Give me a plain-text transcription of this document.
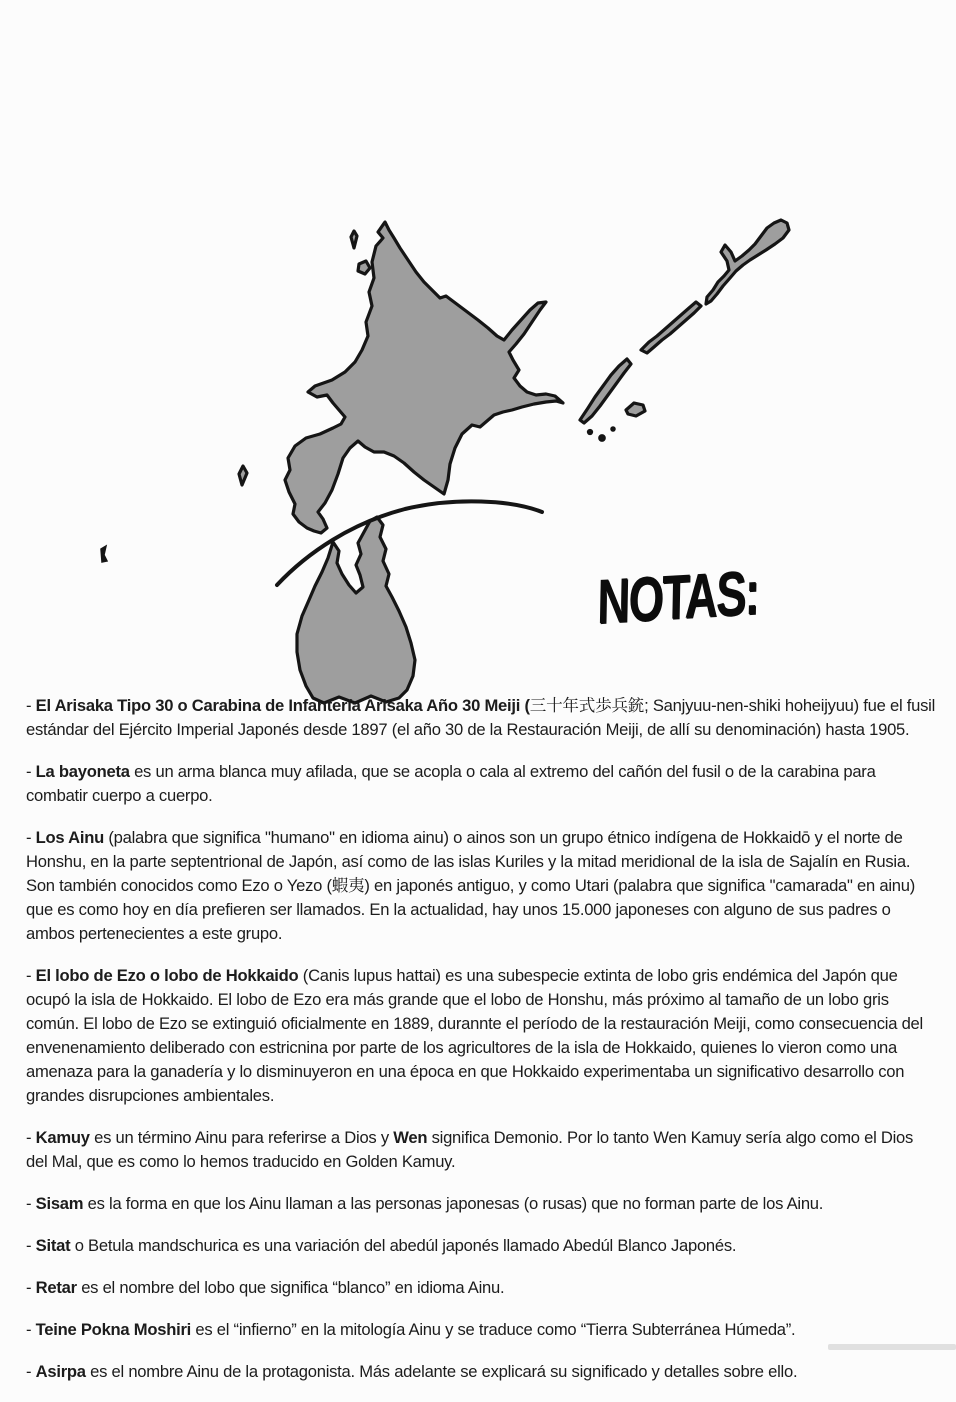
NOTAS:

- El Arisaka Tipo 30 o Carabina de Infantería Arisaka Año 30 Meiji (三十年式歩兵銃; Sanjyuu-nen-shiki hoheijyuu) fue el fusil estándar del Ejército Imperial Japonés desde 1897 (el año 30 de la Restauración Meiji, de allí su denominación) hasta 1905.

- La bayoneta es un arma blanca muy afilada, que se acopla o cala al extremo del cañón del fusil o de la carabina para combatir cuerpo a cuerpo.

- Los Ainu (palabra que significa "humano" en idioma ainu) o ainos son un grupo étnico indígena de Hokkaidō y el norte de Honshu, en la parte septentrional de Japón, así como de las islas Kuriles y la mitad meridional de la isla de Sajalín en Rusia. Son también conocidos como Ezo o Yezo (蝦夷) en japonés antiguo, y como Utari (palabra que significa "camarada" en ainu) que es como hoy en día prefieren ser llamados. En la actualidad, hay unos 15.000 japoneses con alguno de sus padres o ambos pertenecientes a este grupo.

- El lobo de Ezo o lobo de Hokkaido (Canis lupus hattai) es una subespecie extinta de lobo gris endémica del Japón que ocupó la isla de Hokkaido. El lobo de Ezo era más grande que el lobo de Honshu, más próximo al tamaño de un lobo gris común. El lobo de Ezo se extinguió oficialmente en 1889, durannte el período de la restauración Meiji, como consecuencia del envenenamiento deliberado con estricnina por parte de los agricultores de la isla de Hokkaido, quienes lo vieron como una amenaza para la ganadería y lo disminuyeron en una época en que Hokkaido experimentaba un significativo desarrollo con grandes disrupciones ambientales.

- Kamuy es un término Ainu para referirse a Dios y Wen significa Demonio. Por lo tanto Wen Kamuy sería algo como el Dios del Mal, que es como lo hemos traducido en Golden Kamuy.

- Sisam es la forma en que los Ainu llaman a las personas japonesas (o rusas) que no forman parte de los Ainu.

- Sitat o Betula mandschurica es una variación del abedúl japonés llamado Abedúl Blanco Japonés.

- Retar es el nombre del lobo que significa “blanco” en idioma Ainu.

- Teine Pokna Moshiri es el “infierno” en la mitología Ainu y se traduce como “Tierra Subterránea Húmeda”.

- Asirpa es el nombre Ainu de la protagonista. Más adelante se explicará su significado y detalles sobre ello.
